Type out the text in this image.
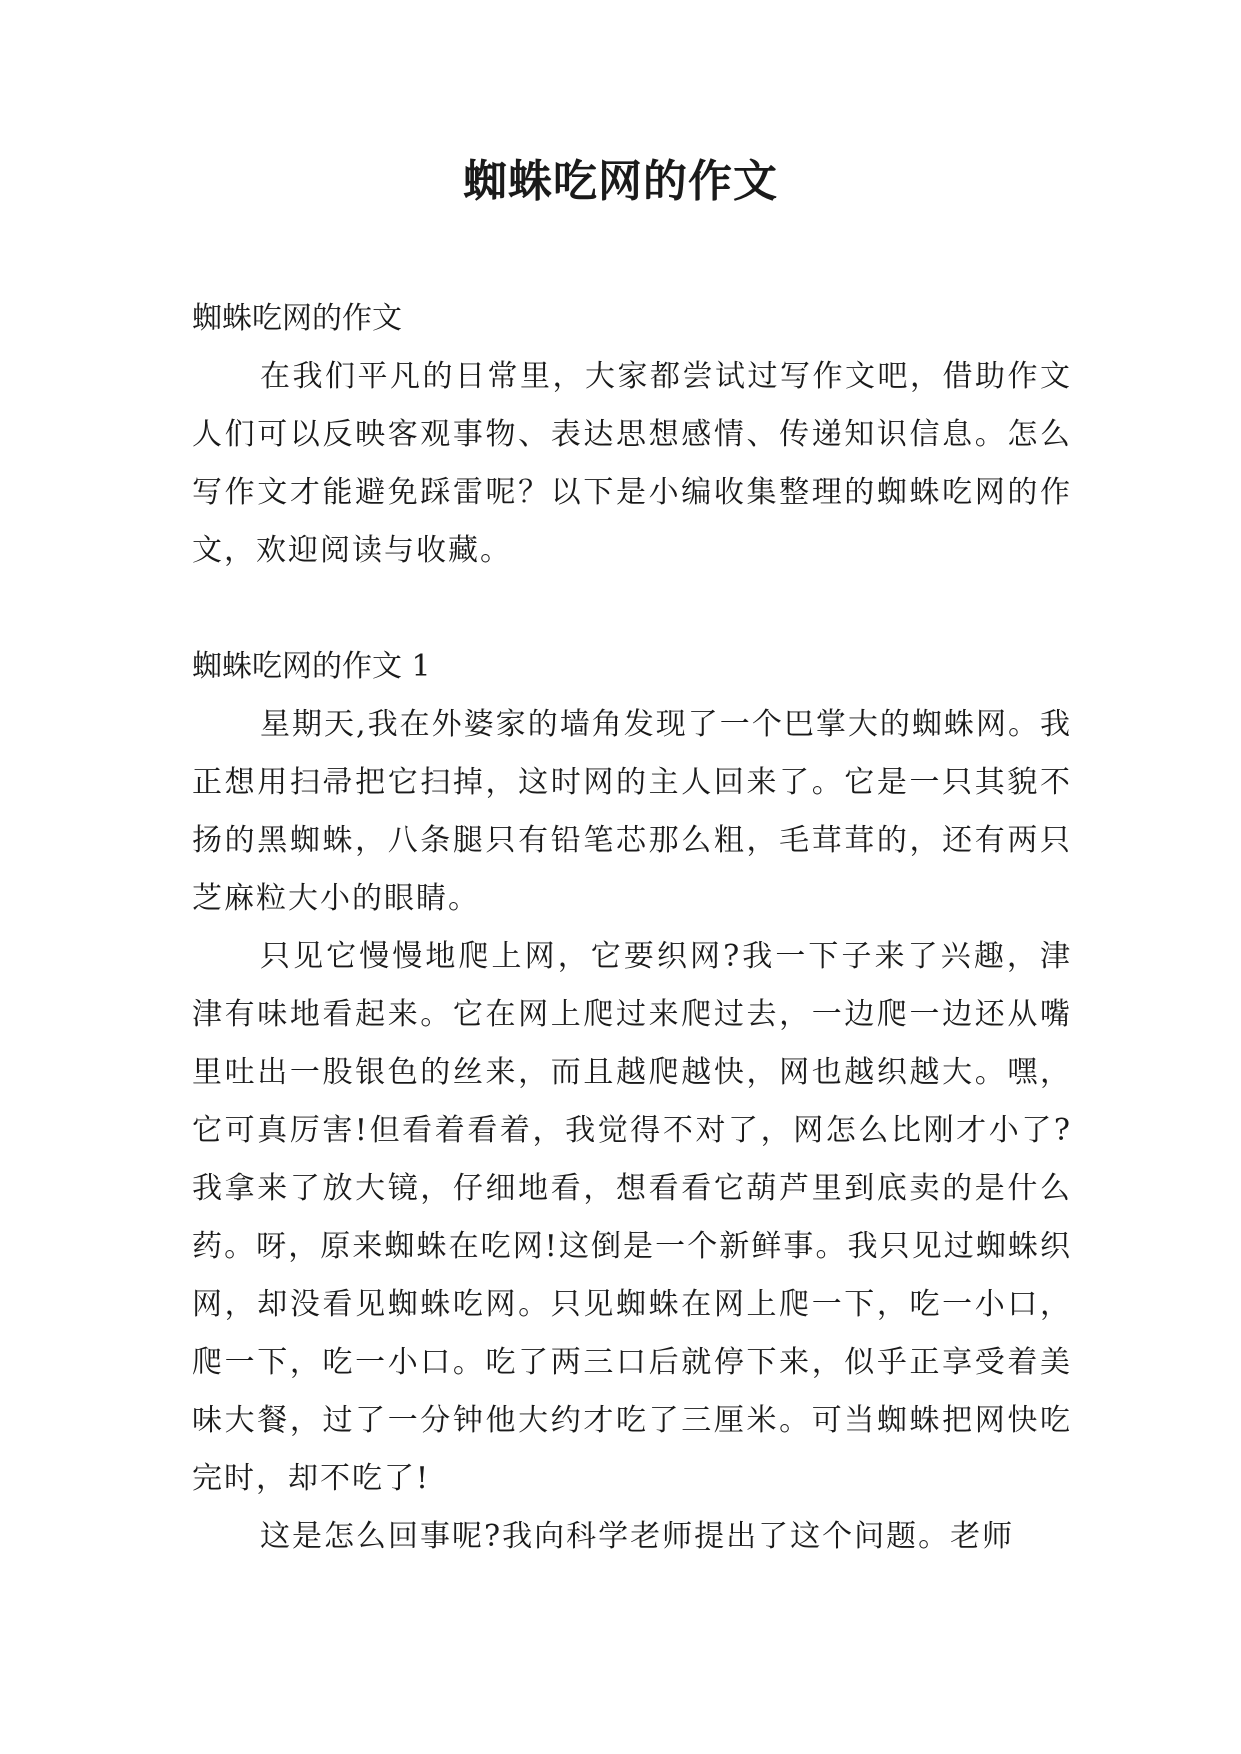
蜘蛛吃网的作文

蜘蛛吃网的作文

在我们平凡的日常里，大家都尝试过写作文吧，借助作文人们可以反映客观事物、表达思想感情、传递知识信息。怎么写作文才能避免踩雷呢？以下是小编收集整理的蜘蛛吃网的作文，欢迎阅读与收藏。

蜘蛛吃网的作文 1

星期天,我在外婆家的墙角发现了一个巴掌大的蜘蛛网。我正想用扫帚把它扫掉，这时网的主人回来了。它是一只其貌不扬的黑蜘蛛，八条腿只有铅笔芯那么粗，毛茸茸的，还有两只芝麻粒大小的眼睛。

只见它慢慢地爬上网，它要织网?我一下子来了兴趣，津津有味地看起来。它在网上爬过来爬过去，一边爬一边还从嘴里吐出一股银色的丝来，而且越爬越快，网也越织越大。嘿，它可真厉害!但看着看着，我觉得不对了，网怎么比刚才小了?我拿来了放大镜，仔细地看，想看看它葫芦里到底卖的是什么药。呀，原来蜘蛛在吃网!这倒是一个新鲜事。我只见过蜘蛛织网，却没看见蜘蛛吃网。只见蜘蛛在网上爬一下，吃一小口，爬一下，吃一小口。吃了两三口后就停下来，似乎正享受着美味大餐，过了一分钟他大约才吃了三厘米。可当蜘蛛把网快吃完时，却不吃了!

这是怎么回事呢?我向科学老师提出了这个问题。老师
